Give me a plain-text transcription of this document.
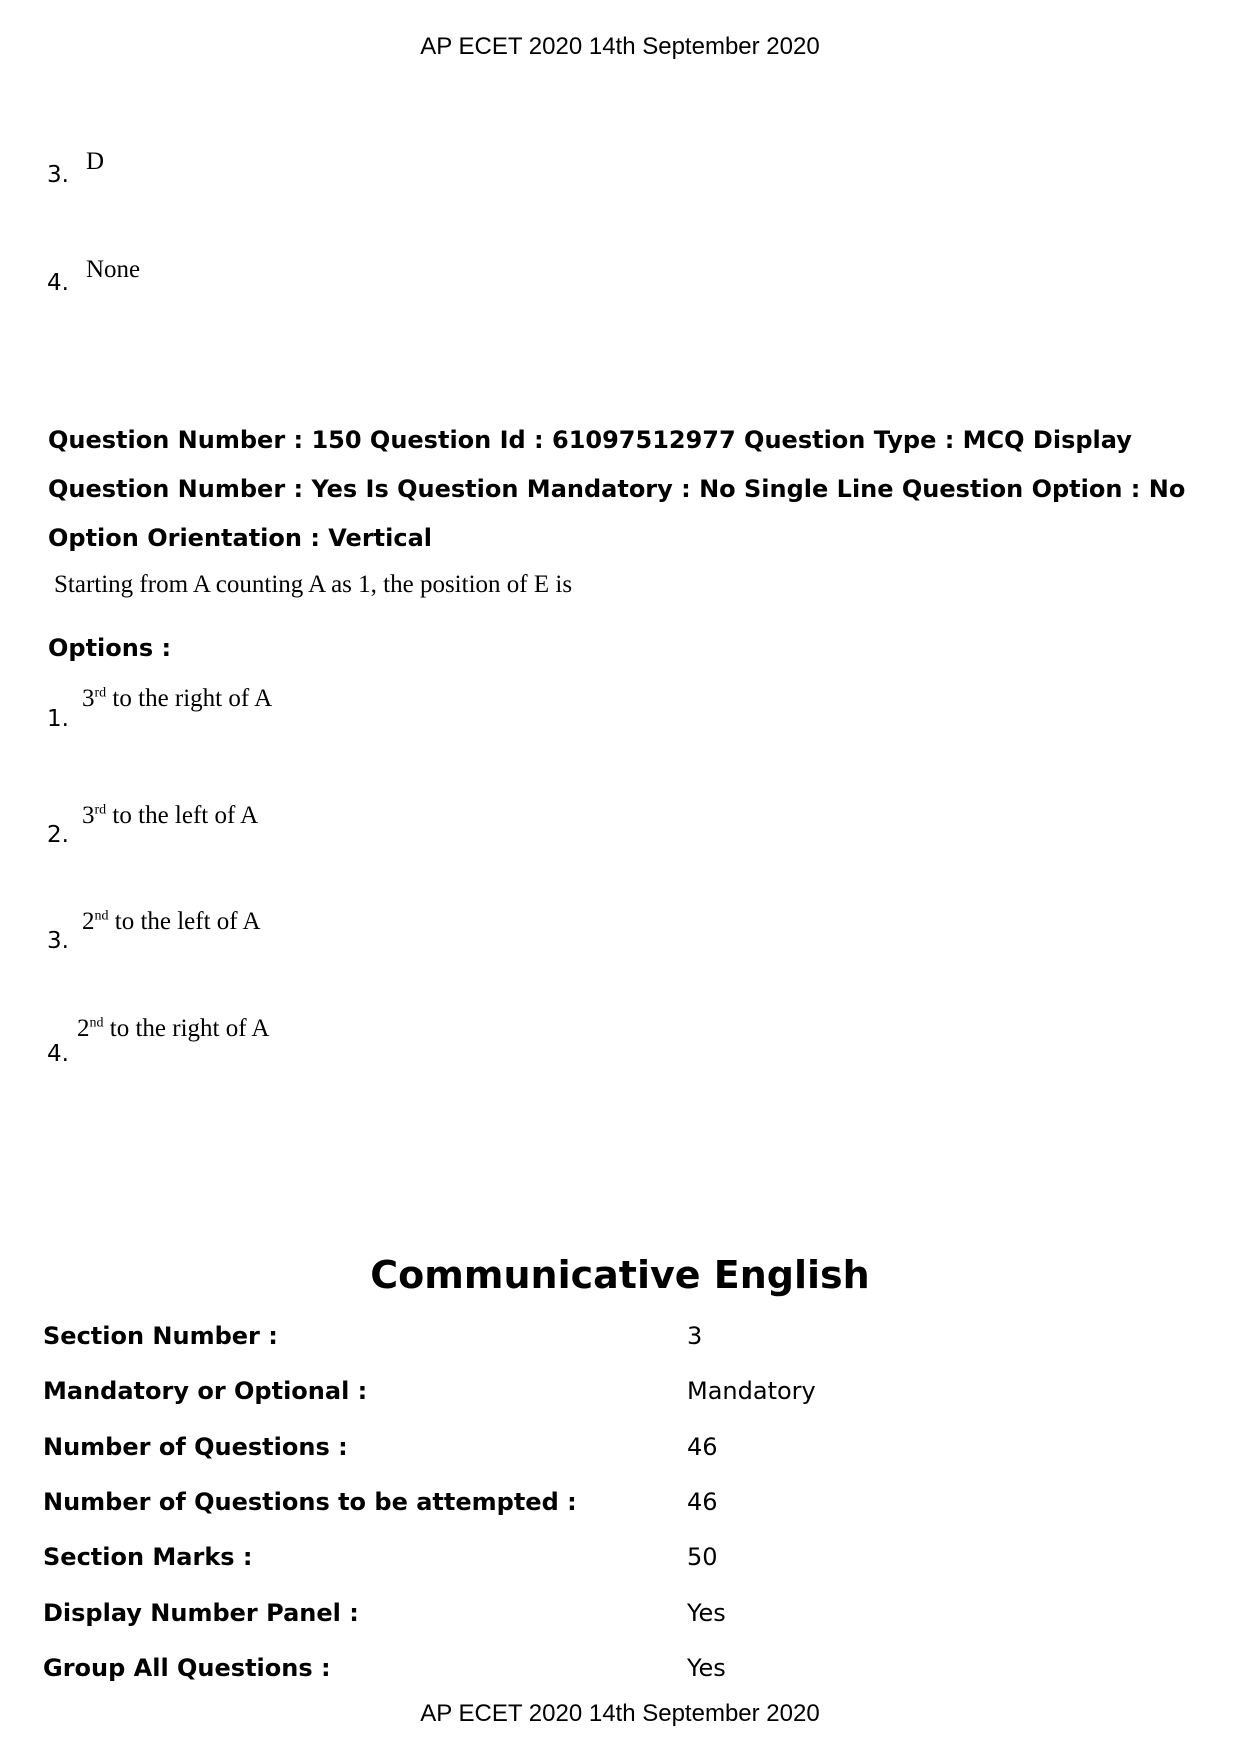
AP ECET 2020 14th September 2020
3. D
4. None
Question Number : 150 Question Id : 61097512977 Question Type : MCQ Display Question Number : Yes Is Question Mandatory : No Single Line Question Option : No Option Orientation : Vertical
Starting from A counting A as 1, the position of E is
Options :
1.
3rd to the right of A
2.
3rd to the left of A
3.
2nd to the left of A
4.
2nd to the right of A
Communicative English
Section Number :	3
Mandatory or Optional :	Mandatory
Number of Questions :	46
Number of Questions to be attempted :	46
Section Marks :	50
Display Number Panel :	Yes
Group All Questions :	Yes
AP ECET 2020 14th September 2020
